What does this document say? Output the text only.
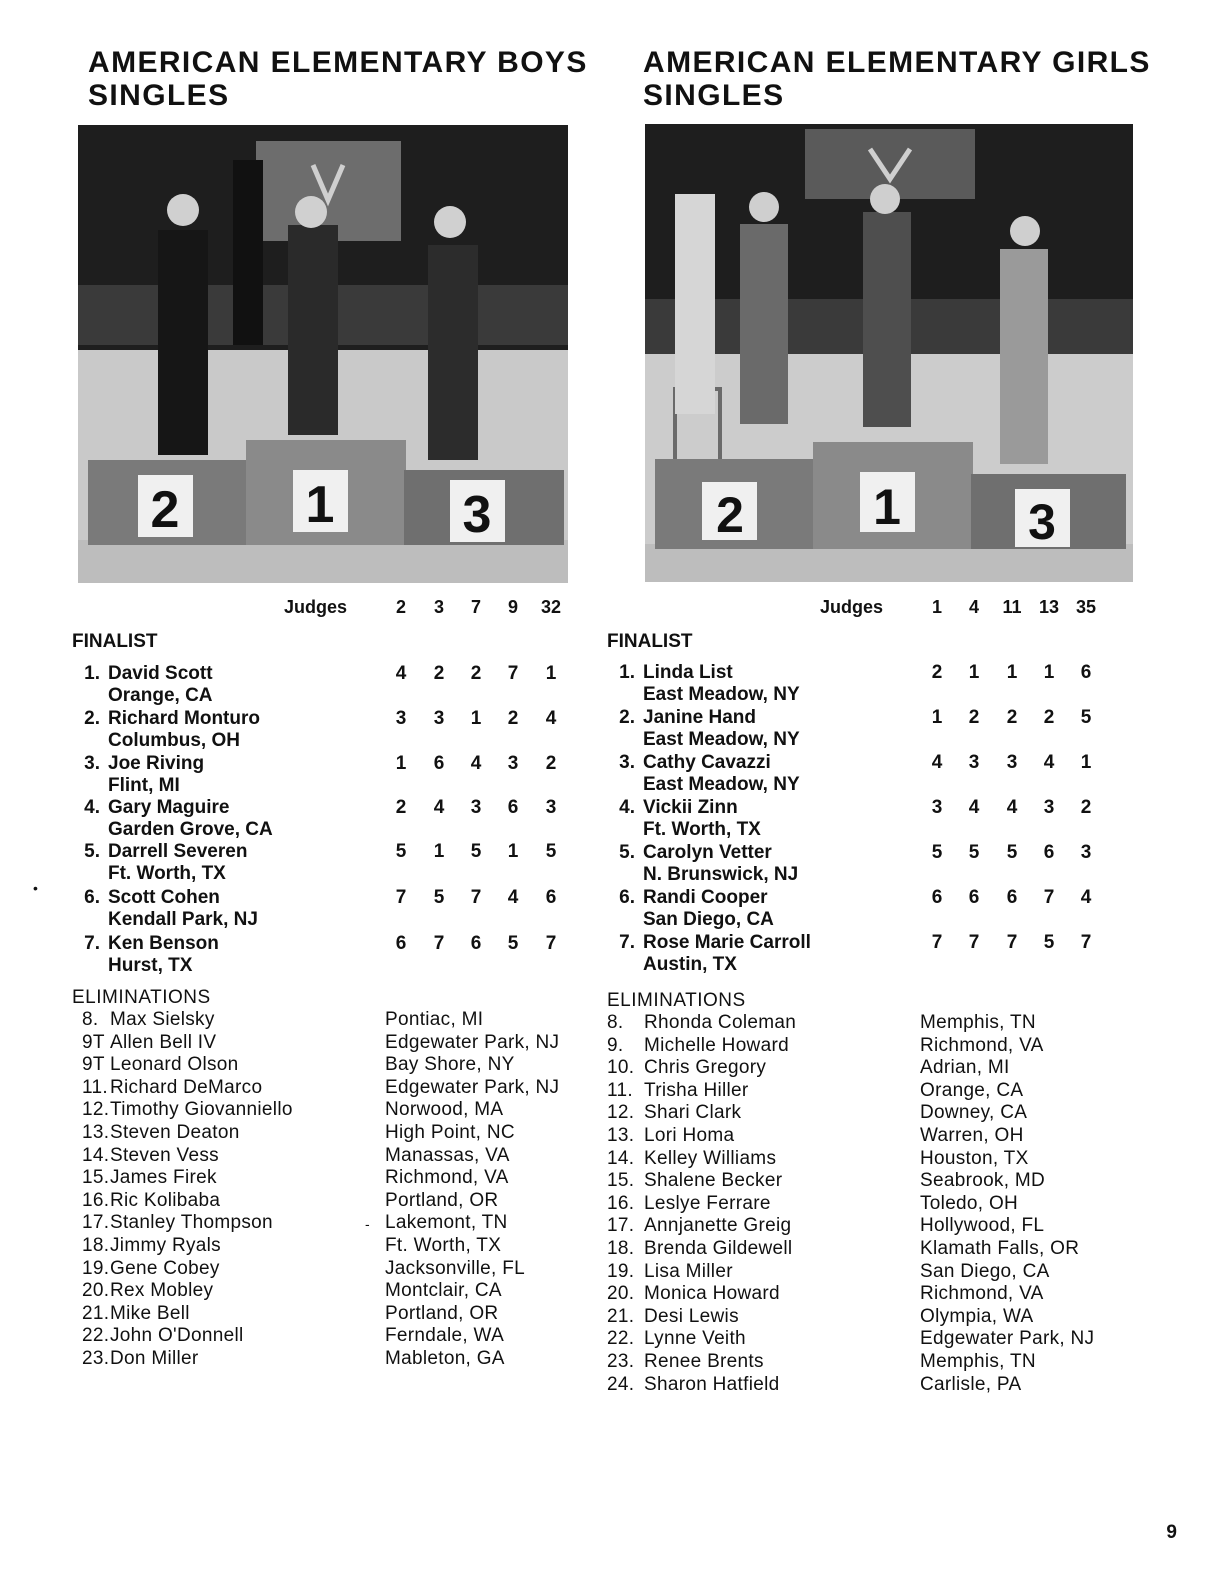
AMERICAN ELEMENTARY BOYS
SINGLES
2 1 3
Judges	2	3	7	9	32
FINALIST
1. David Scott
Orange, CA
4	2	2	7	1
2. Richard Monturo
Columbus, OH
3	3	1	2	4
3. Joe Riving
Flint, MI
1	6	4	3	2
4. Gary Maguire
Garden Grove, CA
2	4	3	6	3
5. Darrell Severen
Ft. Worth, TX
5	1	5	1	5
6. Scott Cohen
Kendall Park, NJ
7	5	7	4	6
7. Ken Benson
Hurst, TX
6	7	6	5	7
ELIMINATIONS
8. Max Sielsky	Pontiac, MI
9T Allen Bell IV	Edgewater Park, NJ
9T Leonard Olson	Bay Shore, NY
11. Richard DeMarco	Edgewater Park, NJ
12. Timothy Giovanniello	Norwood, MA
13. Steven Deaton	High Point, NC
14. Steven Vess	Manassas, VA
15. James Firek	Richmond, VA
16. Ric Kolibaba	Portland, OR
17. Stanley Thompson	Lakemont, TN
18. Jimmy Ryals	Ft. Worth, TX
19. Gene Cobey	Jacksonville, FL
20. Rex Mobley	Montclair, CA
21. Mike Bell	Portland, OR
22. John O'Donnell	Ferndale, WA
23. Don Miller	Mableton, GA
•
-
AMERICAN ELEMENTARY GIRLS
SINGLES
2	1	3
Judges	1	4	11 13 35
FINALIST
1. Linda List
East Meadow, NY
2	1	1	1	6
2. Janine Hand
East Meadow, NY
1	2	2	2	5
3. Cathy Cavazzi
East Meadow, NY
4	3	3	4	1
4. Vickii Zinn
Ft. Worth, TX
3	4	4	3	2
5. Carolyn Vetter
N. Brunswick, NJ
5	5	5	6	3
6. Randi Cooper
San Diego, CA
6	6	6	7	4
7. Rose Marie Carroll
Austin, TX
7	7	7	5	7
ELIMINATIONS
8. Rhonda Coleman	Memphis, TN
9. Michelle Howard	Richmond, VA
10. Chris Gregory	Adrian, MI
11. Trisha Hiller	Orange, CA
12. Shari Clark	Downey, CA
13. Lori Homa	Warren, OH
14. Kelley Williams	Houston, TX
15. Shalene Becker	Seabrook, MD
16. Leslye Ferrare	Toledo, OH
17. Annjanette Greig	Hollywood, FL
18. Brenda Gildewell	Klamath Falls, OR
19. Lisa Miller	San Diego, CA
20. Monica Howard	Richmond, VA
21. Desi Lewis	Olympia, WA
22. Lynne Veith	Edgewater Park, NJ
23. Renee Brents	Memphis, TN
24. Sharon Hatfield	Carlisle, PA
9
